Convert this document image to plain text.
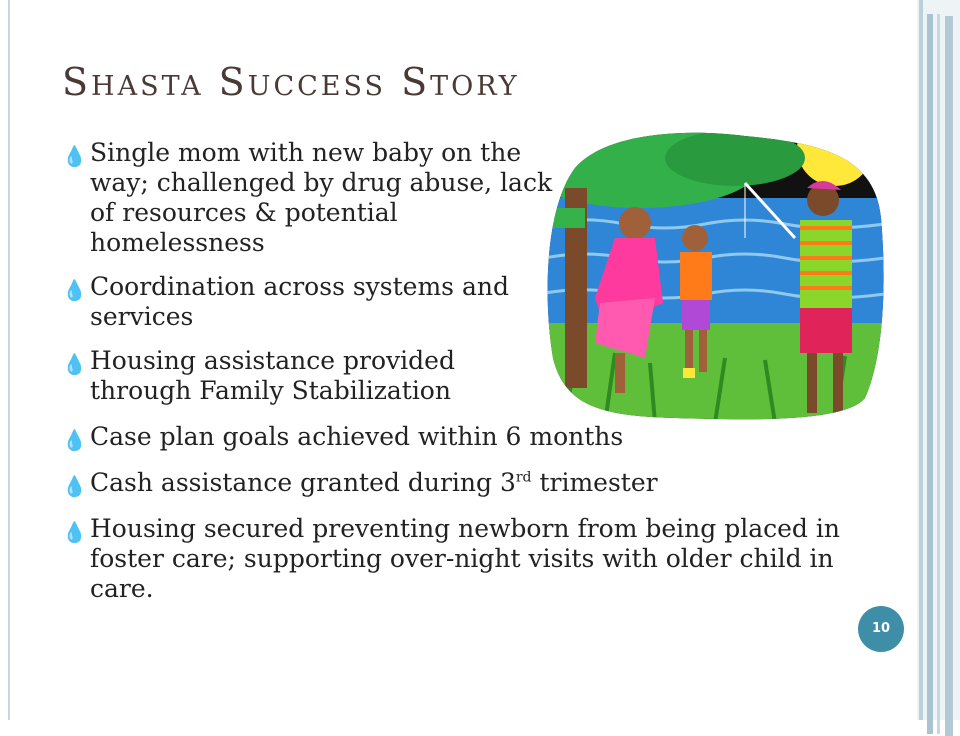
Shasta Success Story
💧 Single mom with new baby on the way; challenged by drug abuse, lack of resources & potential homelessness
💧 Coordination across systems and services
💧 Housing assistance provided through Family Stabilization
💧 Case plan goals achieved within 6 months
💧 Cash assistance granted during 3rd trimester
💧 Housing secured preventing newborn from being placed in foster care; supporting over-night visits with older child in care.
10
